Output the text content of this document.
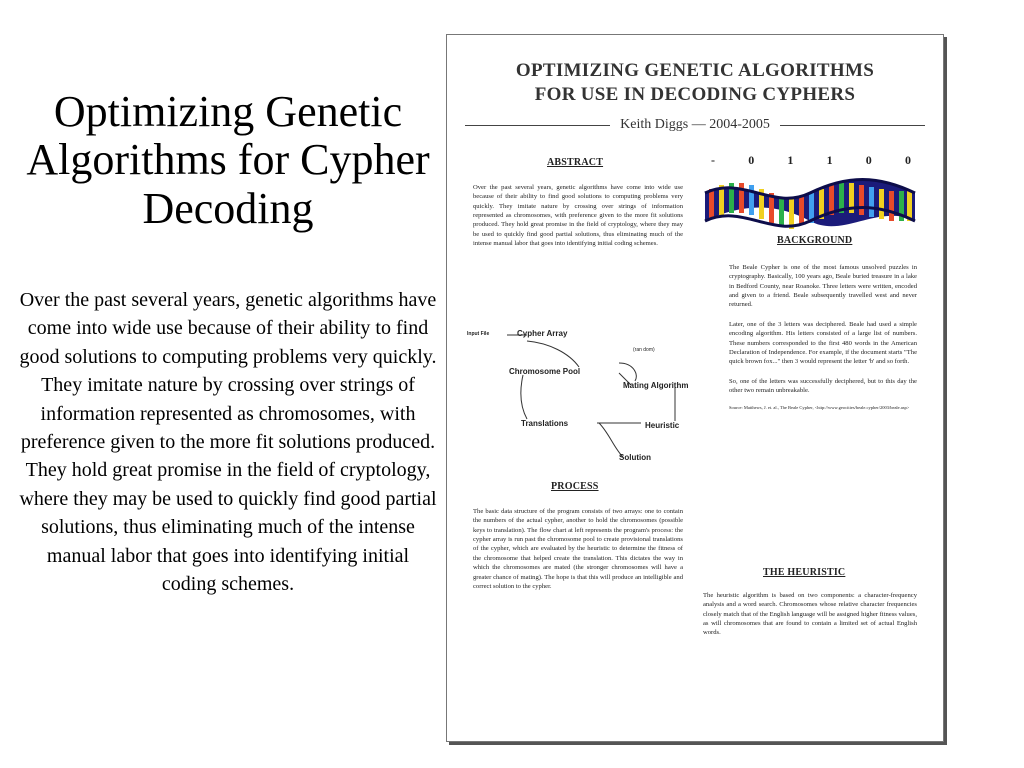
Optimizing Genetic Algorithms for Cypher Decoding

Over the past several years, genetic algorithms have come into wide use because of their ability to find good solutions to computing problems very quickly. They imitate nature by crossing over strings of information represented as chromosomes, with preference given to the more fit solutions produced. They hold great promise in the field of cryptology, where they may be used to quickly find good partial solutions, thus eliminating much of the intense manual labor that goes into identifying initial coding schemes.

OPTIMIZING GENETIC ALGORITHMS
FOR USE IN DECODING CYPHERS
Keith Diggs — 2004-2005
ABSTRACT

Over the past several years, genetic algorithms have come into wide use because of their ability to find good solutions to computing problems very quickly. They imitate nature by crossing over strings of information represented as chromosomes, with preference given to the more fit solutions produced. They hold great promise in the field of cryptology, where they may be used to quickly find good partial solutions, thus eliminating much of the intense manual labor that goes into identifying initial coding schemes.

-	0	1	1	0	0
BACKGROUND

The Beale Cypher is one of the most famous unsolved puzzles in cryptography. Basically, 100 years ago, Beale buried treasure in a lake in Bedford County, near Roanoke. Three letters were written, encoded and given to a friend. Beale subsequently travelled west and never returned.

Later, one of the 3 letters was deciphered. Beale had used a simple encoding algorithm. His letters consisted of a large list of numbers. These numbers corresponded to the first 480 words in the American Declaration of Independence. For example, if the document starts "The quick brown fox..." then 3 would represent the letter 'b' and so forth.

So, one of the letters was successfully deciphered, but to this day the other two remain unbreakable.

Source: Matthews, J. et. al., The Beale Cypher, <http://www.geocities/beale.cypher/2003/beale.asp>

Input File	Cypher Array
(ran dom)
Chromosome Pool
Mating Algorithm
Translations	Heuristic
Solution
PROCESS

The basic data structure of the program consists of two arrays: one to contain the numbers of the actual cypher, another to hold the chromosomes (possible keys to translation). The flow chart at left represents the program's process: the cypher array is run past the chromosome pool to create provisional translations of the cypher, which are evaluated by the heuristic to determine the fitness of the chromosome that helped create the translation. This dictates the way in which the chromosomes are mated (the stronger chromosomes will have a greater chance of mating). The hope is that this will produce an intelligible and correct solution to the cypher.

THE HEURISTIC

The heuristic algorithm is based on two components: a character-frequency analysis and a word search. Chromosomes whose relative character frequencies closely match that of the English language will be assigned higher fitness values, as will chromosomes that are found to contain a limited set of actual English words.
